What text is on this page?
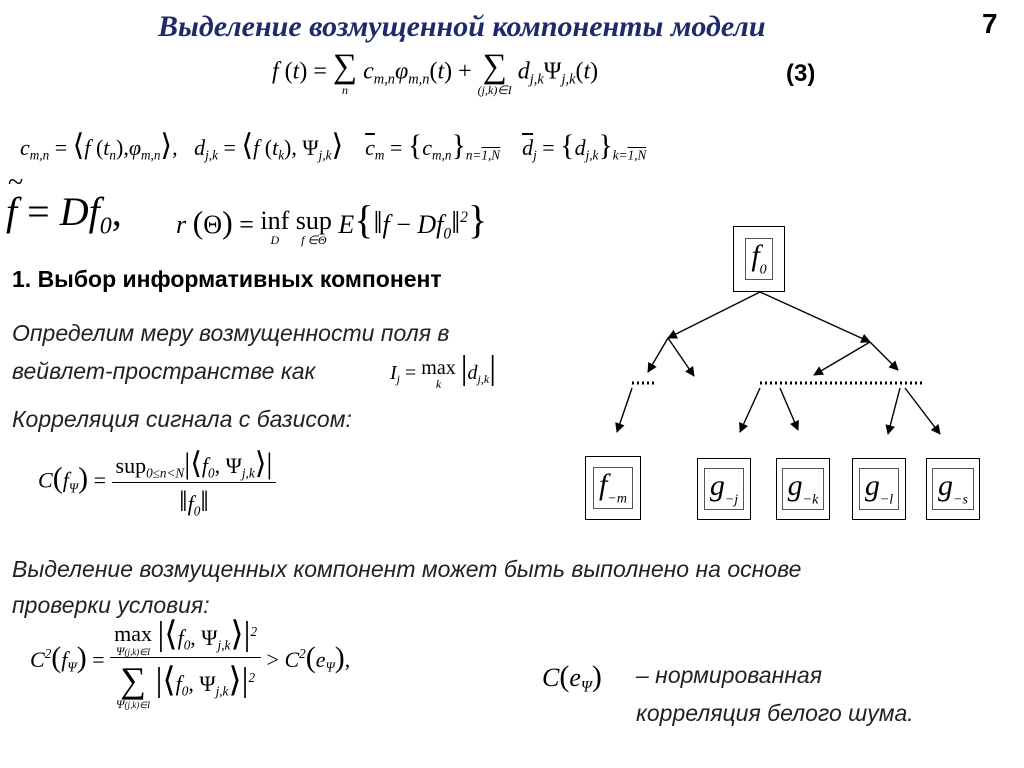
Выделение возмущенной компоненты модели	7
f (t) = ∑
n
$c_{m,n}\varphi_{m,n}(t)$ + ∑
(j,k)∈I
$d_{j,k}\Psi_{j,k}(t)$	(3)
$c_{m,n}$ = ⟨f $(t_n),\varphi_{m,n}⟩$,   $d_{j,k}$ = ⟨f $(t_k)$, $\Psi_{j,k}⟩$ $\overline{c}_m = \{c_{m,n}\}_{n=1,N}$ $\overline{d}_j = \{d_{j,k}\}_{k=1,N}$
f
~
= $Df_0$, r (Θ) = inf
D
sup
f ∈Θ
E{‖f − $Df_0‖^2$}
1. Выбор информативных компонент
Определим меру возмущенности поля в
вейвлет-пространстве как	$I_j = \max$
k $|d_{j,k}|$
Корреляция сигнала с базисом:
$C(f_\Psi) = \frac{sup_{0\le n<N}|⟨f_0, \Psi_{j,k}⟩|}{‖f_0‖}$
Выделение возмущенных компонент может быть выполнено на основе
проверки условия:
$C^2(f_\Psi) = \max$
Ψ(j,k)∈I $|⟨f_0$, $\Psi_{j,k}⟩|^2$
∑
Ψ(j,k)∈I
$|⟨f_0$, $\Psi_{j,k}⟩|^2 > C^2(e_\Psi)$,
$C(e_\Psi)$ – нормированная
корреляция белого шума.
$f_0$
$f_{-m}$	$g_{-j}$ $g_{-k}$ $g_{-l}$ $g_{-s}$
